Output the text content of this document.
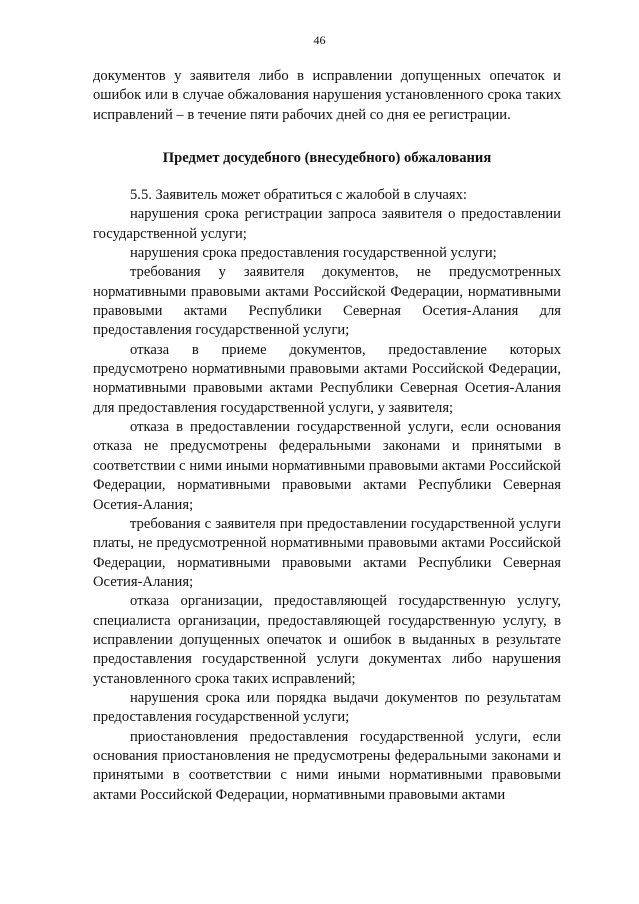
46

документов у заявителя либо в исправлении допущенных опечаток и ошибок или в случае обжалования нарушения установленного срока таких исправлений – в течение пяти рабочих дней со дня ее регистрации.

Предмет досудебного (внесудебного) обжалования

5.5. Заявитель может обратиться с жалобой в случаях:

нарушения срока регистрации запроса заявителя о предоставлении государственной услуги;

нарушения срока предоставления государственной услуги;

требования у заявителя документов, не предусмотренных нормативными правовыми актами Российской Федерации, нормативными правовыми актами Республики Северная Осетия-Алания для предоставления государственной услуги;

отказа в приеме документов, предоставление которых предусмотрено нормативными правовыми актами Российской Федерации, нормативными правовыми актами Республики Северная Осетия-Алания для предоставления государственной услуги, у заявителя;

отказа в предоставлении государственной услуги, если основания отказа не предусмотрены федеральными законами и принятыми в соответствии с ними иными нормативными правовыми актами Российской Федерации, нормативными правовыми актами Республики Северная Осетия-Алания;

требования с заявителя при предоставлении государственной услуги платы, не предусмотренной нормативными правовыми актами Российской Федерации, нормативными правовыми актами Республики Северная Осетия-Алания;

отказа организации, предоставляющей государственную услугу, специалиста организации, предоставляющей государственную услугу, в исправлении допущенных опечаток и ошибок в выданных в результате предоставления государственной услуги документах либо нарушения установленного срока таких исправлений;

нарушения срока или порядка выдачи документов по результатам предоставления государственной услуги;

приостановления предоставления государственной услуги, если основания приостановления не предусмотрены федеральными законами и принятыми в соответствии с ними иными нормативными правовыми актами Российской Федерации, нормативными правовыми актами
